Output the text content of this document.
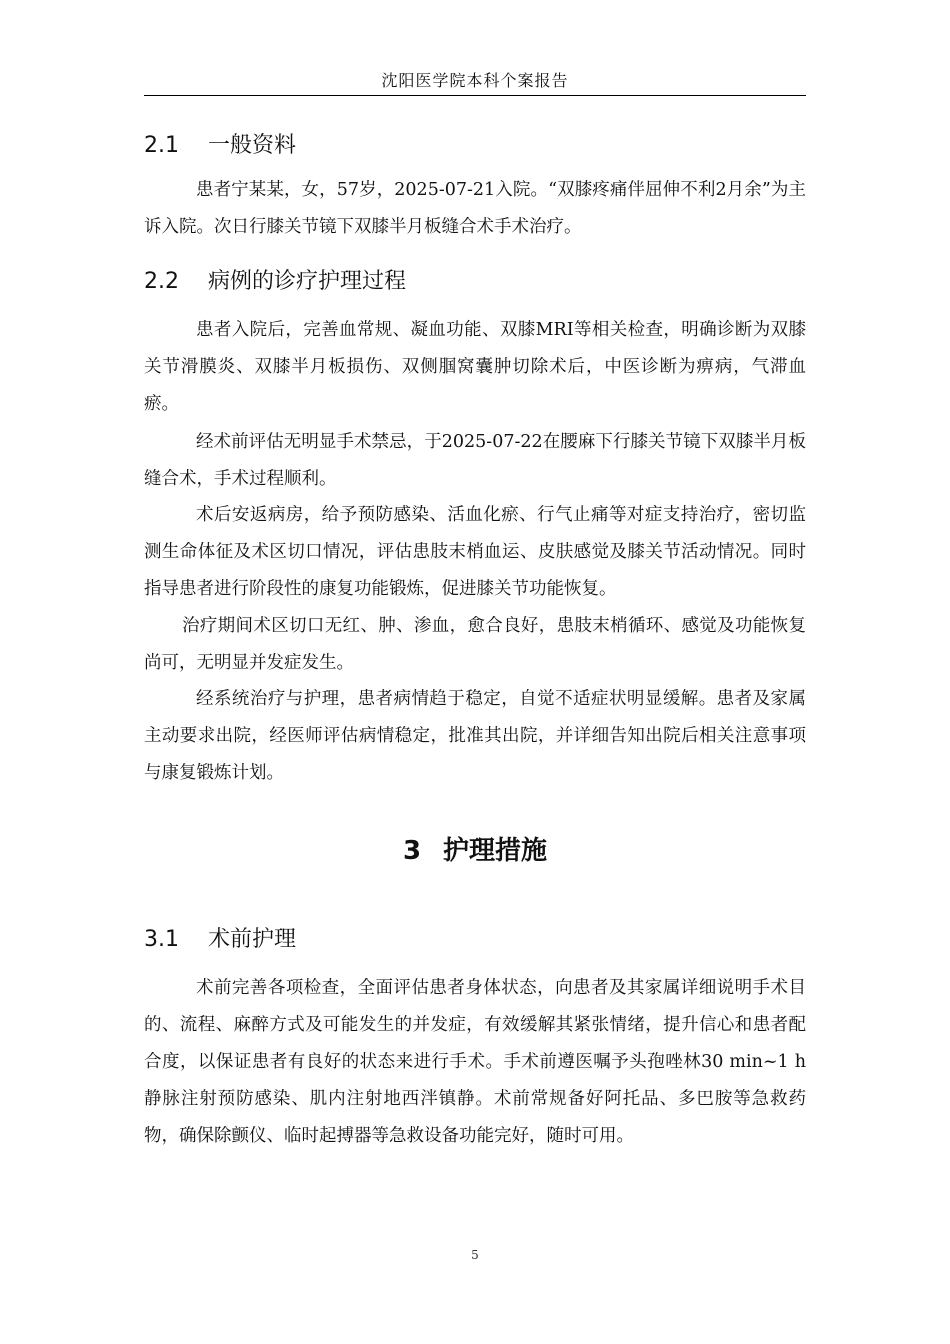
沈阳医学院本科个案报告
2.1 一般资料

患者宁某某，女，57岁，2025-07-21入院。“双膝疼痛伴屈伸不利2月余”为主诉入院。次日行膝关节镜下双膝半月板缝合术手术治疗。

2.2 病例的诊疗护理过程

患者入院后，完善血常规、凝血功能、双膝MRI等相关检查，明确诊断为双膝关节滑膜炎、双膝半月板损伤、双侧腘窝囊肿切除术后，中医诊断为痹病，气滞血瘀。

经术前评估无明显手术禁忌，于2025-07-22在腰麻下行膝关节镜下双膝半月板缝合术，手术过程顺利。

术后安返病房，给予预防感染、活血化瘀、行气止痛等对症支持治疗，密切监测生命体征及术区切口情况，评估患肢末梢血运、皮肤感觉及膝关节活动情况。同时指导患者进行阶段性的康复功能锻炼，促进膝关节功能恢复。

治疗期间术区切口无红、肿、渗血，愈合良好，患肢末梢循环、感觉及功能恢复尚可，无明显并发症发生。

经系统治疗与护理，患者病情趋于稳定，自觉不适症状明显缓解。患者及家属主动要求出院，经医师评估病情稳定，批准其出院，并详细告知出院后相关注意事项与康复锻炼计划。

3 护理措施
3.1 术前护理

术前完善各项检查，全面评估患者身体状态，向患者及其家属详细说明手术目的、流程、麻醉方式及可能发生的并发症，有效缓解其紧张情绪，提升信心和患者配合度，以保证患者有良好的状态来进行手术。手术前遵医嘱予头孢唑林30 min~1 h静脉注射预防感染、肌内注射地西泮镇静。术前常规备好阿托品、多巴胺等急救药物，确保除颤仪、临时起搏器等急救设备功能完好，随时可用。

5
